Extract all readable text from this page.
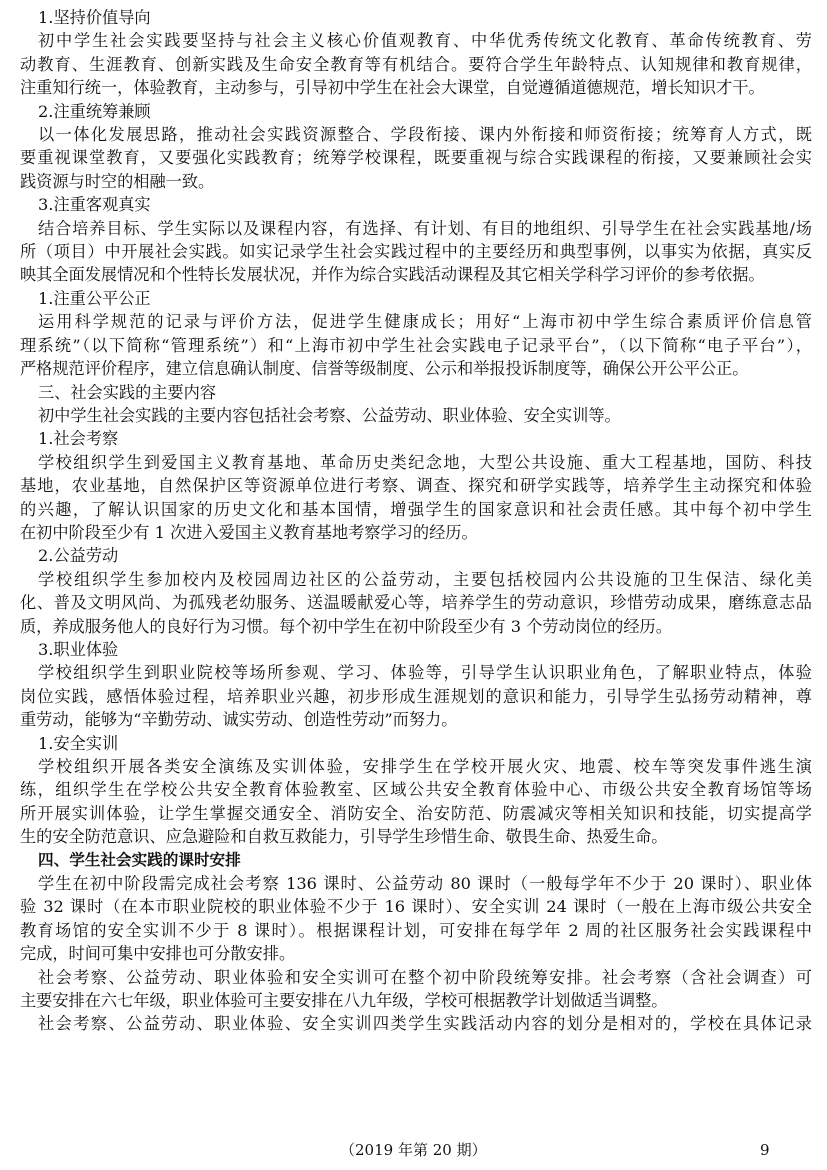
1.坚持价值导向
初中学生社会实践要坚持与社会主义核心价值观教育、中华优秀传统文化教育、革命传统教育、劳
动教育、生涯教育、创新实践及生命安全教育等有机结合。要符合学生年龄特点、认知规律和教育规律，
注重知行统一，体验教育，主动参与，引导初中学生在社会大课堂，自觉遵循道德规范，增长知识才干。
2.注重统筹兼顾
以一体化发展思路，推动社会实践资源整合、学段衔接、课内外衔接和师资衔接；统筹育人方式，既
要重视课堂教育，又要强化实践教育；统筹学校课程，既要重视与综合实践课程的衔接，又要兼顾社会实
践资源与时空的相融一致。
3.注重客观真实
结合培养目标、学生实际以及课程内容，有选择、有计划、有目的地组织、引导学生在社会实践基地/场
所（项目）中开展社会实践。如实记录学生社会实践过程中的主要经历和典型事例，以事实为依据，真实反
映其全面发展情况和个性特长发展状况，并作为综合实践活动课程及其它相关学科学习评价的参考依据。
1.注重公平公正
运用科学规范的记录与评价方法，促进学生健康成长；用好“上海市初中学生综合素质评价信息管
理系统”（以下简称“管理系统”）和“上海市初中学生社会实践电子记录平台”，（以下简称“电子平台”），
严格规范评价程序，建立信息确认制度、信誉等级制度、公示和举报投诉制度等，确保公开公平公正。
三、社会实践的主要内容
初中学生社会实践的主要内容包括社会考察、公益劳动、职业体验、安全实训等。
1.社会考察
学校组织学生到爱国主义教育基地、革命历史类纪念地，大型公共设施、重大工程基地，国防、科技
基地，农业基地，自然保护区等资源单位进行考察、调查、探究和研学实践等，培养学生主动探究和体验
的兴趣，了解认识国家的历史文化和基本国情，增强学生的国家意识和社会责任感。其中每个初中学生
在初中阶段至少有 1 次进入爱国主义教育基地考察学习的经历。
2.公益劳动
学校组织学生参加校内及校园周边社区的公益劳动，主要包括校园内公共设施的卫生保洁、绿化美
化、普及文明风尚、为孤残老幼服务、送温暖献爱心等，培养学生的劳动意识，珍惜劳动成果，磨练意志品
质，养成服务他人的良好行为习惯。每个初中学生在初中阶段至少有 3 个劳动岗位的经历。
3.职业体验
学校组织学生到职业院校等场所参观、学习、体验等，引导学生认识职业角色，了解职业特点，体验
岗位实践，感悟体验过程，培养职业兴趣，初步形成生涯规划的意识和能力，引导学生弘扬劳动精神，尊
重劳动，能够为“辛勤劳动、诚实劳动、创造性劳动”而努力。
1.安全实训
学校组织开展各类安全演练及实训体验，安排学生在学校开展火灾、地震、校车等突发事件逃生演
练，组织学生在学校公共安全教育体验教室、区域公共安全教育体验中心、市级公共安全教育场馆等场
所开展实训体验，让学生掌握交通安全、消防安全、治安防范、防震减灾等相关知识和技能，切实提高学
生的安全防范意识、应急避险和自救互救能力，引导学生珍惜生命、敬畏生命、热爱生命。
四、学生社会实践的课时安排
学生在初中阶段需完成社会考察 136 课时、公益劳动 80 课时（一般每学年不少于 20 课时）、职业体
验 32 课时（在本市职业院校的职业体验不少于 16 课时）、安全实训 24 课时（一般在上海市级公共安全
教育场馆的安全实训不少于 8 课时）。根据课程计划，可安排在每学年 2 周的社区服务社会实践课程中
完成，时间可集中安排也可分散安排。
社会考察、公益劳动、职业体验和安全实训可在整个初中阶段统筹安排。社会考察（含社会调查）可
主要安排在六七年级，职业体验可主要安排在八九年级，学校可根据教学计划做适当调整。
社会考察、公益劳动、职业体验、安全实训四类学生实践活动内容的划分是相对的，学校在具体记录
（2019 年第 20 期）	9
